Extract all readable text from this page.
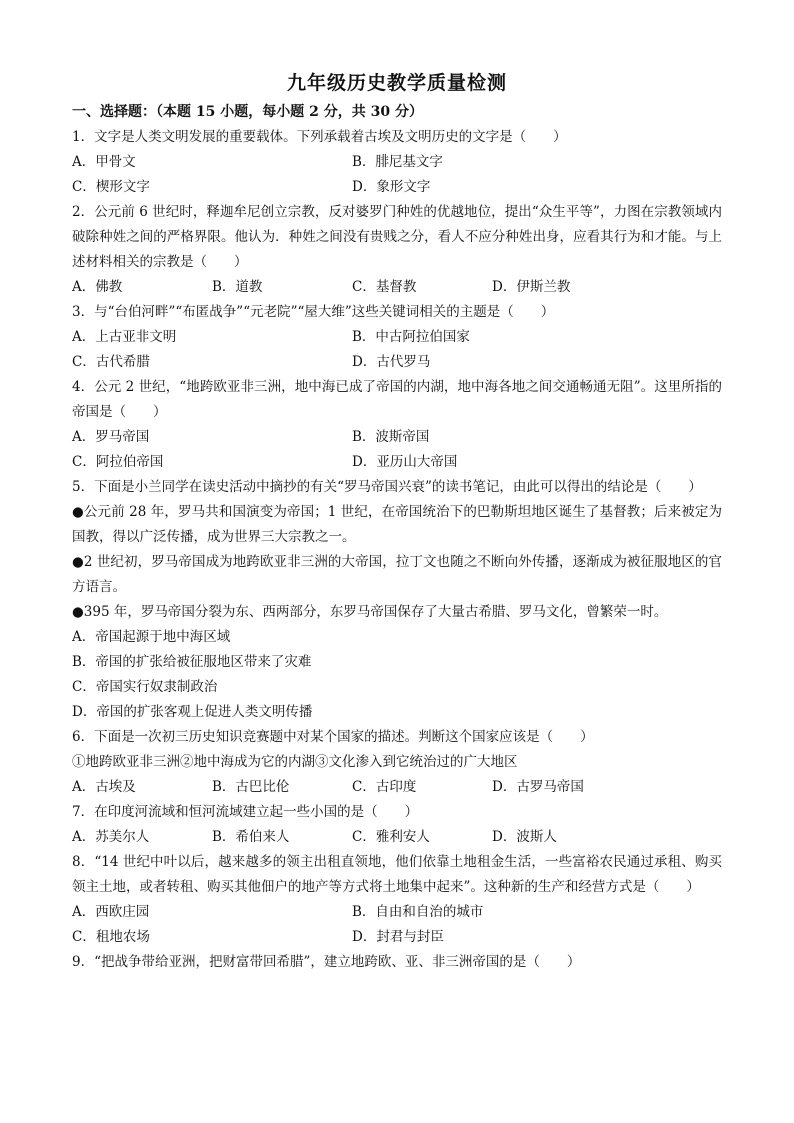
九年级历史教学质量检测
一、选择题：（本题 15 小题，每小题 2 分，共 30 分）
1．文字是人类文明发展的重要载体。下列承载着古埃及文明历史的文字是（　　）
A．甲骨文	B．腓尼基文字
C．楔形文字	D．象形文字
2．公元前 6 世纪时，释迦牟尼创立宗教，反对婆罗门种姓的优越地位，提出“众生平等”，力图在宗教领域内破除种姓之间的严格界限。他认为．种姓之间没有贵贱之分，看人不应分种姓出身，应看其行为和才能。与上述材料相关的宗教是（　　）
A．佛教	B．道教	C．基督教	D．伊斯兰教
3．与“台伯河畔”“布匿战争”“元老院”“屋大维”这些关键词相关的主题是（　　）
A．上古亚非文明	B．中古阿拉伯国家
C．古代希腊	D．古代罗马
4．公元 2 世纪，“地跨欧亚非三洲，地中海已成了帝国的内湖，地中海各地之间交通畅通无阻”。这里所指的帝国是（　　）
A．罗马帝国	B．波斯帝国
C．阿拉伯帝国	D．亚历山大帝国
5．下面是小兰同学在读史活动中摘抄的有关“罗马帝国兴衰”的读书笔记，由此可以得出的结论是（　　）
●公元前 28 年，罗马共和国演变为帝国；1 世纪，在帝国统治下的巴勒斯坦地区诞生了基督教；后来被定为国教，得以广泛传播，成为世界三大宗教之一。
●2 世纪初，罗马帝国成为地跨欧亚非三洲的大帝国，拉丁文也随之不断向外传播，逐渐成为被征服地区的官方语言。
●395 年，罗马帝国分裂为东、西两部分，东罗马帝国保存了大量古希腊、罗马文化，曾繁荣一时。
A．帝国起源于地中海区域
B．帝国的扩张给被征服地区带来了灾难
C．帝国实行奴隶制政治
D．帝国的扩张客观上促进人类文明传播
6．下面是一次初三历史知识竞赛题中对某个国家的描述。判断这个国家应该是（　　）
①地跨欧亚非三洲②地中海成为它的内湖③文化渗入到它统治过的广大地区
A．古埃及	B．古巴比伦	C．古印度	D．古罗马帝国
7．在印度河流域和恒河流域建立起一些小国的是（　　）
A．苏美尔人	B．希伯来人	C．雅利安人	D．波斯人
8．“14 世纪中叶以后，越来越多的领主出租直领地，他们依靠土地租金生活，一些富裕农民通过承租、购买领主土地，或者转租、购买其他佃户的地产等方式将土地集中起来”。这种新的生产和经营方式是（　　）
A．西欧庄园	B．自由和自治的城市
C．租地农场	D．封君与封臣
9．“把战争带给亚洲，把财富带回希腊”，建立地跨欧、亚、非三洲帝国的是（　　）
